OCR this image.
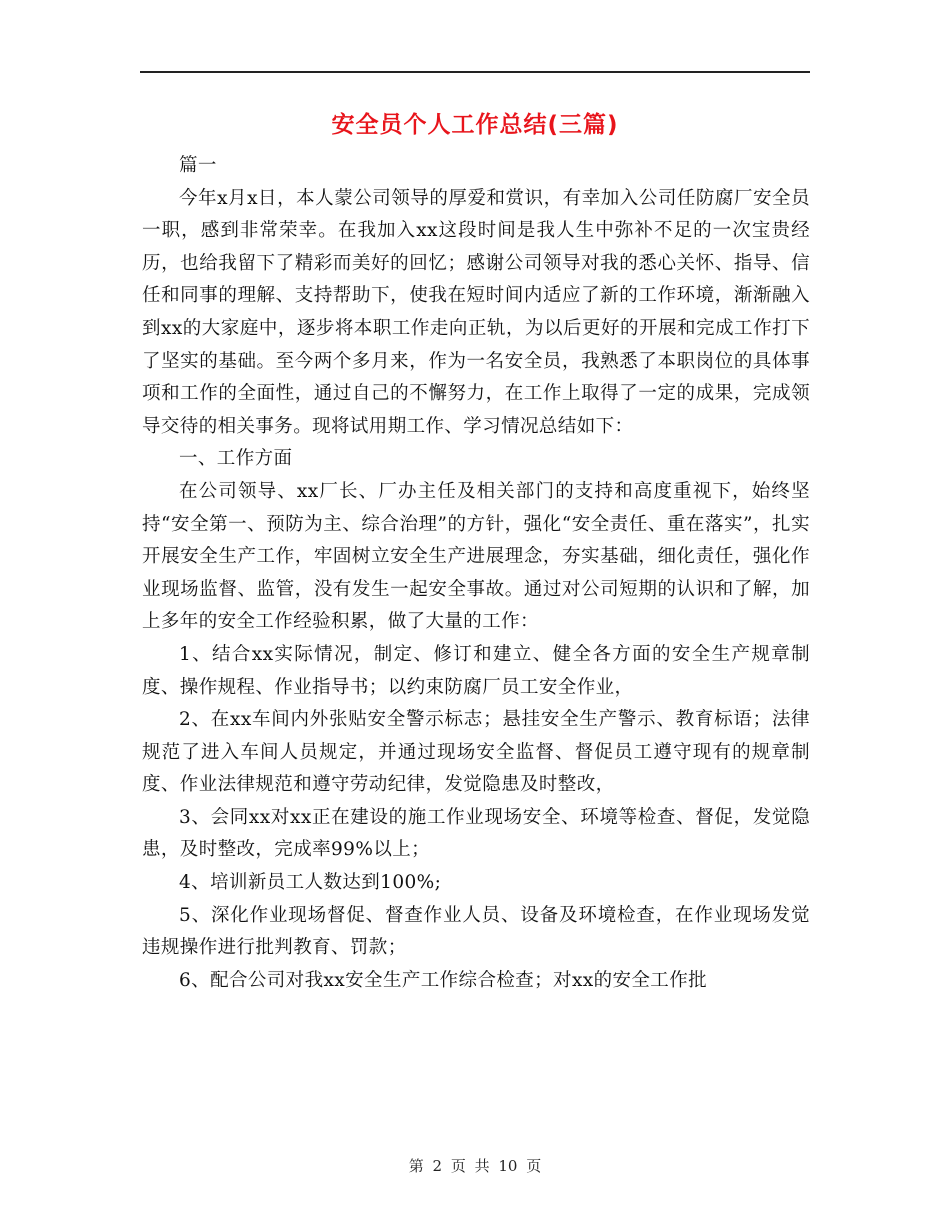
安全员个人工作总结(三篇)

篇一

今年x月x日，本人蒙公司领导的厚爱和赏识，有幸加入公司任防腐厂安全员一职，感到非常荣幸。在我加入xx这段时间是我人生中弥补不足的一次宝贵经历，也给我留下了精彩而美好的回忆；感谢公司领导对我的悉心关怀、指导、信任和同事的理解、支持帮助下，使我在短时间内适应了新的工作环境，渐渐融入到xx的大家庭中，逐步将本职工作走向正轨，为以后更好的开展和完成工作打下了坚实的基础。至今两个多月来，作为一名安全员，我熟悉了本职岗位的具体事项和工作的全面性，通过自己的不懈努力，在工作上取得了一定的成果，完成领导交待的相关事务。现将试用期工作、学习情况总结如下：

一、工作方面

在公司领导、xx厂长、厂办主任及相关部门的支持和高度重视下，始终坚持“安全第一、预防为主、综合治理”的方针，强化“安全责任、重在落实”，扎实开展安全生产工作，牢固树立安全生产进展理念，夯实基础，细化责任，强化作业现场监督、监管，没有发生一起安全事故。通过对公司短期的认识和了解，加上多年的安全工作经验积累，做了大量的工作：

1、结合xx实际情况，制定、修订和建立、健全各方面的安全生产规章制度、操作规程、作业指导书；以约束防腐厂员工安全作业，

2、在xx车间内外张贴安全警示标志；悬挂安全生产警示、教育标语；法律规范了进入车间人员规定，并通过现场安全监督、督促员工遵守现有的规章制度、作业法律规范和遵守劳动纪律，发觉隐患及时整改，

3、会同xx对xx正在建设的施工作业现场安全、环境等检查、督促，发觉隐患，及时整改，完成率99%以上；

4、培训新员工人数达到100%;

5、深化作业现场督促、督查作业人员、设备及环境检查，在作业现场发觉违规操作进行批判教育、罚款；

6、配合公司对我xx安全生产工作综合检查；对xx的安全工作批

第 2 页 共 10 页
